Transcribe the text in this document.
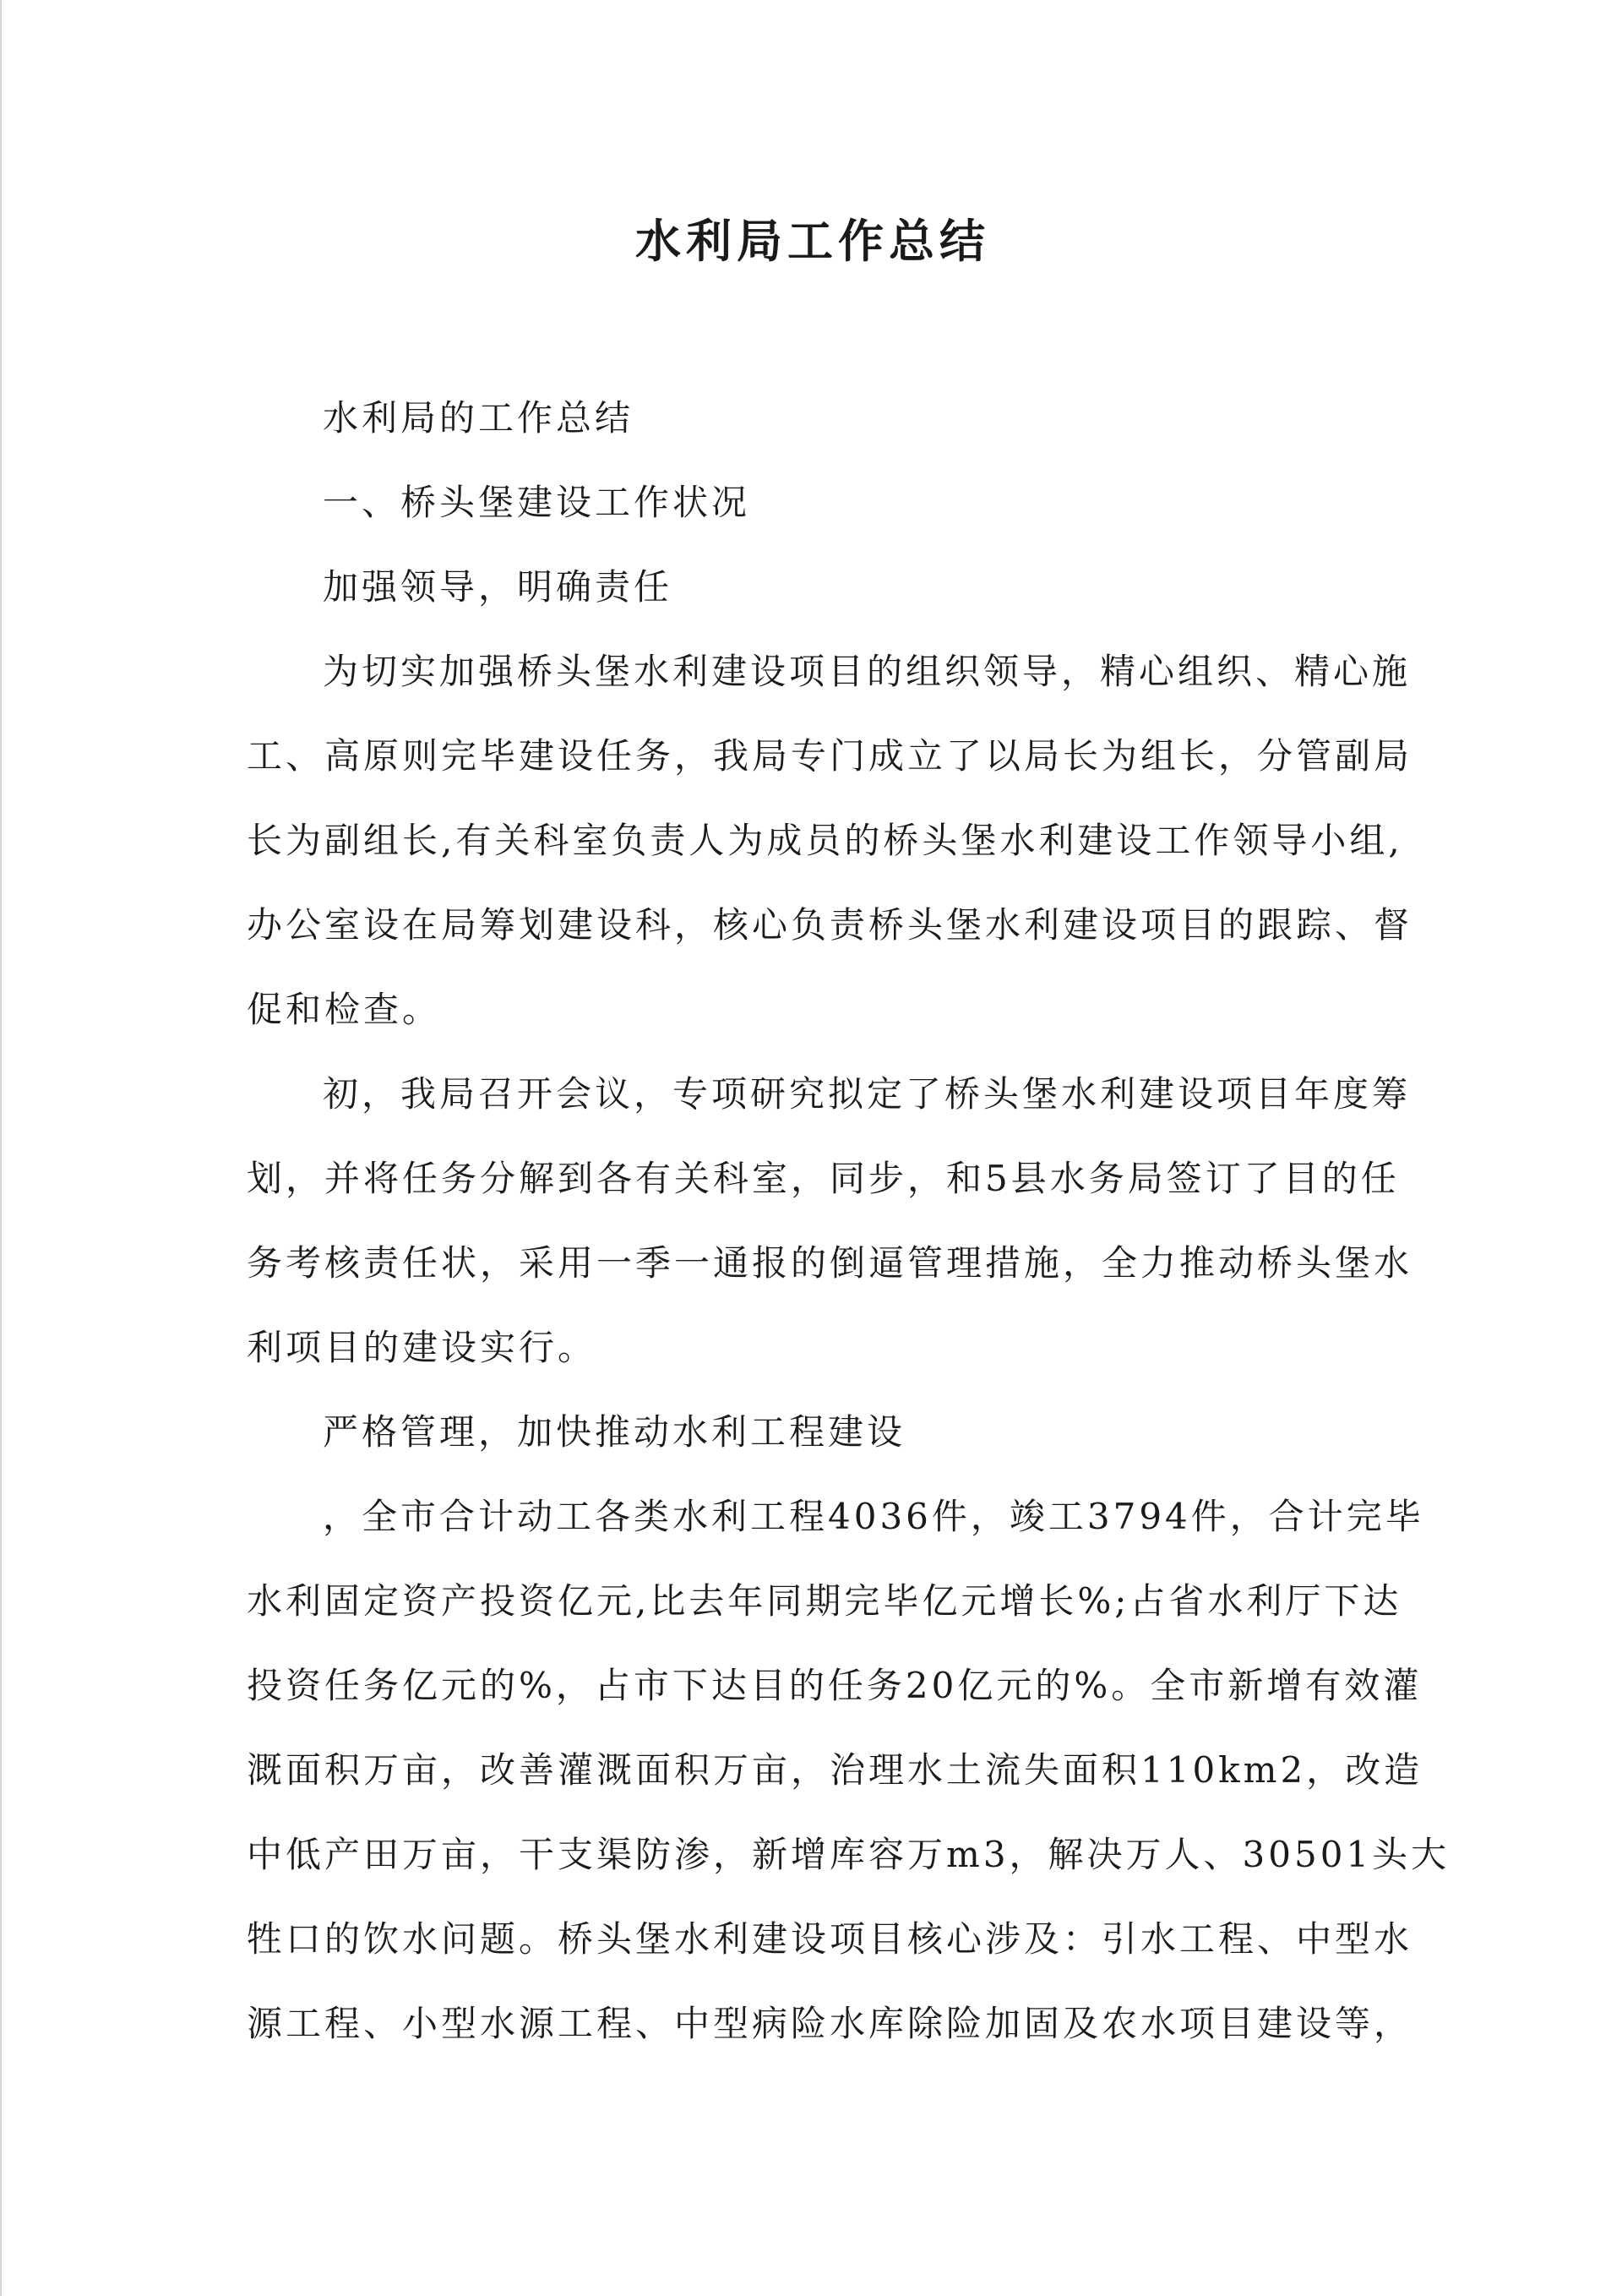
水利局工作总结
水利局的工作总结
一、桥头堡建设工作状况
加强领导，明确责任
为切实加强桥头堡水利建设项目的组织领导，精心组织、精心施
工、高原则完毕建设任务，我局专门成立了以局长为组长，分管副局
长为副组长,有关科室负责人为成员的桥头堡水利建设工作领导小组,
办公室设在局筹划建设科，核心负责桥头堡水利建设项目的跟踪、督
促和检查。
初，我局召开会议，专项研究拟定了桥头堡水利建设项目年度筹
划，并将任务分解到各有关科室，同步，和5县水务局签订了目的任
务考核责任状，采用一季一通报的倒逼管理措施，全力推动桥头堡水
利项目的建设实行。
严格管理，加快推动水利工程建设
，全市合计动工各类水利工程4036件，竣工3794件，合计完毕
水利固定资产投资亿元,比去年同期完毕亿元增长%;占省水利厅下达
投资任务亿元的%，占市下达目的任务20亿元的%。全市新增有效灌
溉面积万亩，改善灌溉面积万亩，治理水土流失面积110km2，改造
中低产田万亩，干支渠防渗，新增库容万m3，解决万人、30501头大
牲口的饮水问题。桥头堡水利建设项目核心涉及：引水工程、中型水
源工程、小型水源工程、中型病险水库除险加固及农水项目建设等，
